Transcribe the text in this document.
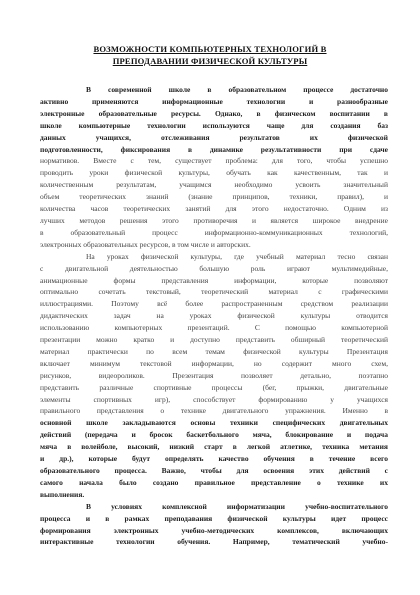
ВОЗМОЖНОСТИ КОМПЬЮТЕРНЫХ ТЕХНОЛОГИЙ В
ПРЕПОДАВАНИИ ФИЗИЧЕСКОЙ КУЛЬТУРЫ
В современной школе в образовательном процессе достаточно
активно применяются информационные технологии и разнообразные
электронные образовательные ресурсы. Однако, в физическом воспитании в
школе компьютерные технологии используются чаще для создания баз
данных учащихся, отслеживания результатов их физической
подготовленности, фиксирования в динамике результативности при сдаче
нормативов. Вместе с тем, существует проблема: для того, чтобы успешно
проводить уроки физической культуры, обучать как качественным, так и
количественным результатам, учащимся необходимо усвоить значительный
объем теоретических знаний (знание принципов, техники, правил), и
количества часов теоретических занятий для этого недостаточно. Одним из
лучших методов решения этого противоречия и является широкое внедрение
в образовательный процесс информационно-коммуникационных технологий,
электронных образовательных ресурсов, в том числе и авторских.
На уроках физической культуры, где учебный материал тесно связан
с двигательной деятельностью большую роль играют мультимедийные,
анимационные формы представления информации, которые позволяют
оптимально сочетать текстовый, теоретический материал с графическими
иллюстрациями. Поэтому всё более распространенным средством реализации
дидактических задач на уроках физической культуры отводится
использованию компьютерных презентаций. С помощью компьютерной
презентации можно кратко и доступно представить обширный теоретический
материал практически по всем темам физической культуры Презентация
включает минимум текстовой информации, но содержит много схем,
рисунков, видеороликов. Презентация позволяет детально, поэтапно
представить различные спортивные процессы (бег, прыжки, двигательные
элементы спортивных игр), способствует формированию у учащихся
правильного представления о технике двигательного упражнения. Именно в
основной школе закладываются основы техники специфических двигательных
действий (передача и бросок баскетбольного мяча, блокирование и подача
мяча в волейболе, высокий, низкий старт в легкой атлетике, техника метания
и др.), которые будут определять качество обучения в течение всего
образовательного процесса. Важно, чтобы для освоения этих действий с
самого начала было создано правильное представление о технике их
выполнения.
В условиях комплексной информатизации учебно-воспитательного
процесса и в рамках преподавания физической культуры идет процесс
формирования электронных учебно-методических комплексов, включающих
интерактивные технологии обучения. Например, тематический учебно-
